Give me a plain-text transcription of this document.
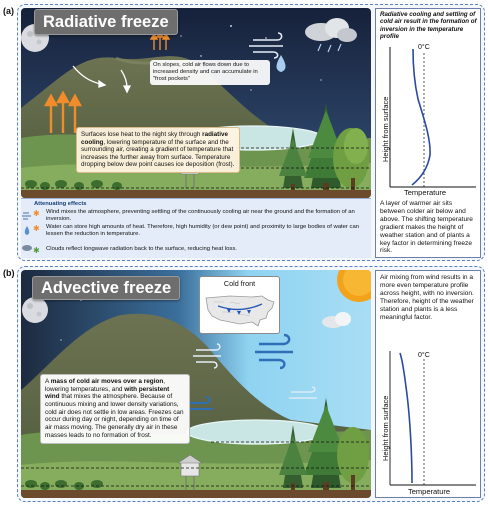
(a)
Radiative freeze
On slopes, cold air flows down due to increased density and can accumulate in "frost pockets"
Surfaces lose heat to the night sky through radiative cooling, lowering temperature of the surface and the surrounding air, creating a gradient of temperature that increases the further away from surface. Temperature dropping below dew point causes ice deposition (frost).
Attenuating effects
✱ Wind mixes the atmosphere, preventing settling of the continuously cooling air near the ground and the formation of an inversion.
✱ Water can store high amounts of heat. Therefore, high humidity (or dew point) and proximity to large bodies of water can lessen the reduction in temperature.
✱ Clouds reflect longwave radiation back to the surface, reducing heat loss.
Radiative cooling and settling of cold air result in the formation of inversion in the temperature profile
0°C
Height from surface
Temperature
A layer of warmer air sits between colder air below and above. The shifting temperature gradient makes the height of weather station and of plants a key factor in determining freeze risk.
(b)
Advective freeze	Cold front
A mass of cold air moves over a region, lowering temperatures, and with persistent wind that mixes the atmosphere. Because of continuous mixing and lower density variations, cold air does not settle in low areas. Freezes can occur during day or night, depending on time of air mass moving. The generally dry air in these masses leads to no formation of frost.
Air mixing from wind results in a more even temperature profile across height, with no inversion. Therefore, height of the weather station and plants is a less meaningful factor.
0°C
Height from surface
Temperature
